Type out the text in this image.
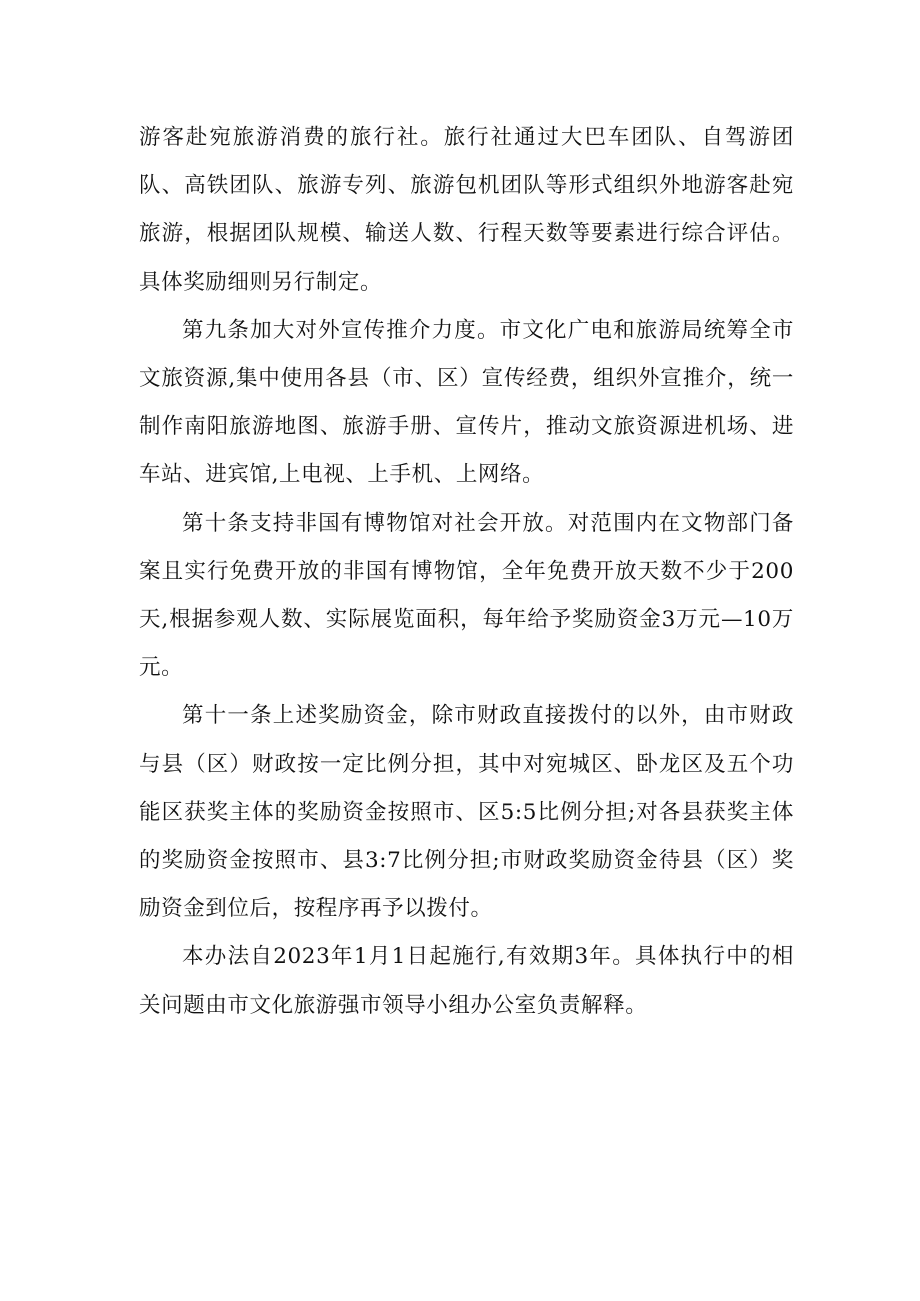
游客赴宛旅游消费的旅行社。旅行社通过大巴车团队、自驾游团队、高铁团队、旅游专列、旅游包机团队等形式组织外地游客赴宛旅游，根据团队规模、输送人数、行程天数等要素进行综合评估。具体奖励细则另行制定。

第九条加大对外宣传推介力度。市文化广电和旅游局统筹全市文旅资源,集中使用各县（市、区）宣传经费，组织外宣推介，统一制作南阳旅游地图、旅游手册、宣传片，推动文旅资源进机场、进车站、进宾馆,上电视、上手机、上网络。

第十条支持非国有博物馆对社会开放。对范围内在文物部门备案且实行免费开放的非国有博物馆，全年免费开放天数不少于200天,根据参观人数、实际展览面积，每年给予奖励资金3万元—10万元。

第十一条上述奖励资金，除市财政直接拨付的以外，由市财政与县（区）财政按一定比例分担，其中对宛城区、卧龙区及五个功能区获奖主体的奖励资金按照市、区5:5比例分担;对各县获奖主体的奖励资金按照市、县3:7比例分担;市财政奖励资金待县（区）奖励资金到位后，按程序再予以拨付。

本办法自2023年1月1日起施行,有效期3年。具体执行中的相关问题由市文化旅游强市领导小组办公室负责解释。
